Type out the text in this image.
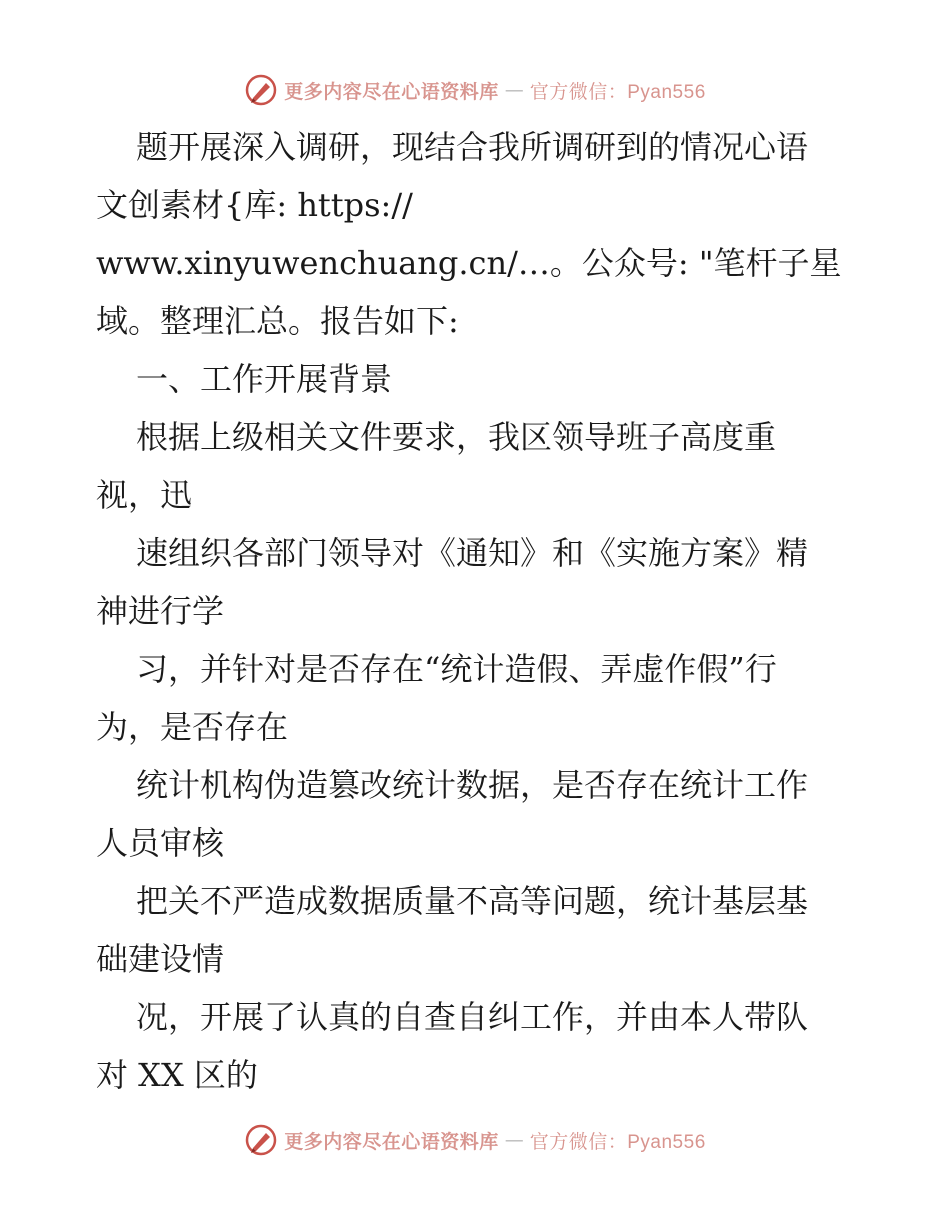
更多内容尽在心语资料库 — 官方微信：Pyan556
题开展深入调研，现结合我所调研到的情况心语
文创素材{库: https://
www.xinyuwenchuang.cn/…。公众号: "笔杆子星
域。整理汇总。报告如下:
一、工作开展背景
根据上级相关文件要求，我区领导班子高度重
视，迅
速组织各部门领导对《通知》和《实施方案》精
神进行学
习，并针对是否存在“统计造假、弄虚作假”行
为，是否存在
统计机构伪造篡改统计数据，是否存在统计工作
人员审核
把关不严造成数据质量不高等问题，统计基层基
础建设情
况，开展了认真的自查自纠工作，并由本人带队
对 XX 区的
更多内容尽在心语资料库 — 官方微信：Pyan556
